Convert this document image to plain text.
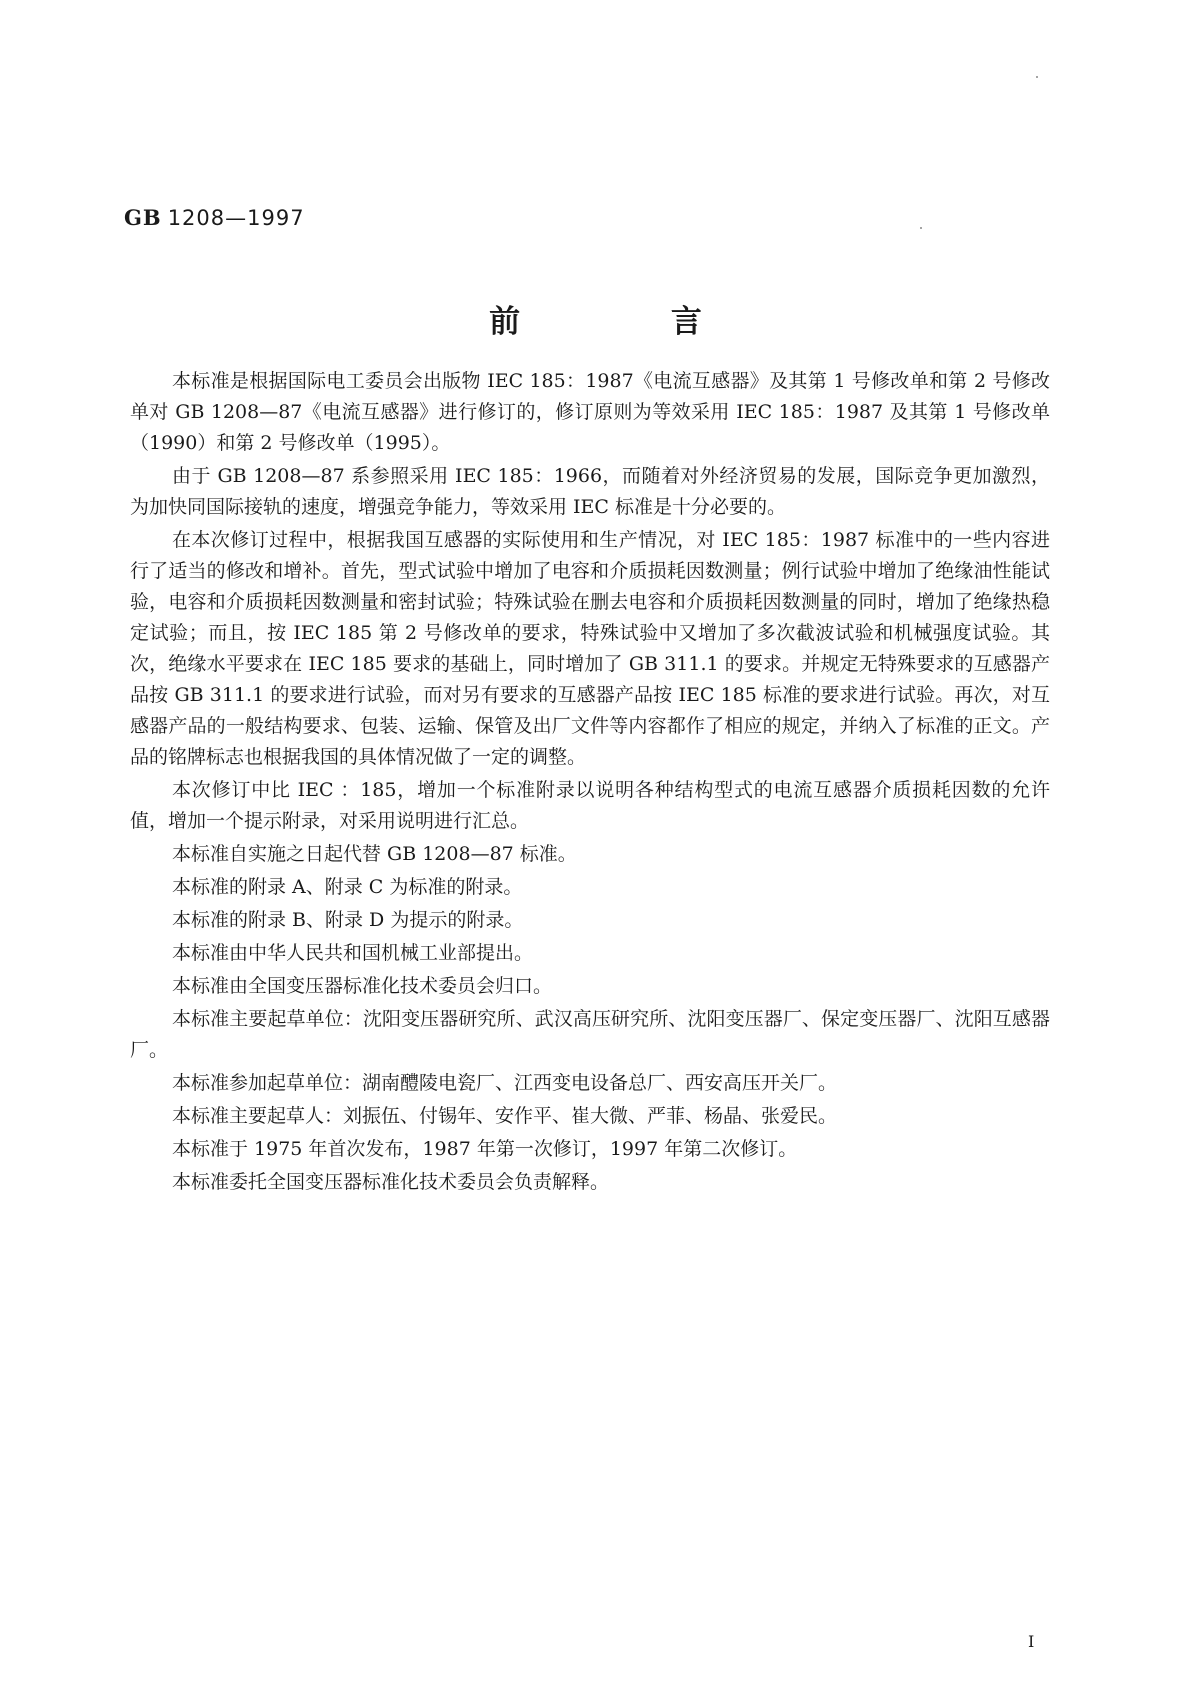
GB 1208—1997
前 言

本标准是根据国际电工委员会出版物 IEC 185：1987《电流互感器》及其第 1 号修改单和第 2 号修改单对 GB 1208—87《电流互感器》进行修订的，修订原则为等效采用 IEC 185：1987 及其第 1 号修改单（1990）和第 2 号修改单（1995）。

由于 GB 1208—87 系参照采用 IEC 185：1966，而随着对外经济贸易的发展，国际竞争更加激烈，为加快同国际接轨的速度，增强竞争能力，等效采用 IEC 标准是十分必要的。

在本次修订过程中，根据我国互感器的实际使用和生产情况，对 IEC 185：1987 标准中的一些内容进行了适当的修改和增补。首先，型式试验中增加了电容和介质损耗因数测量；例行试验中增加了绝缘油性能试验，电容和介质损耗因数测量和密封试验；特殊试验在删去电容和介质损耗因数测量的同时，增加了绝缘热稳定试验；而且，按 IEC 185 第 2 号修改单的要求，特殊试验中又增加了多次截波试验和机械强度试验。其次，绝缘水平要求在 IEC 185 要求的基础上，同时增加了 GB 311.1 的要求。并规定无特殊要求的互感器产品按 GB 311.1 的要求进行试验，而对另有要求的互感器产品按 IEC 185 标准的要求进行试验。再次，对互感器产品的一般结构要求、包装、运输、保管及出厂文件等内容都作了相应的规定，并纳入了标准的正文。产品的铭牌标志也根据我国的具体情况做了一定的调整。

本次修订中比 IEC ：185，增加一个标准附录以说明各种结构型式的电流互感器介质损耗因数的允许值，增加一个提示附录，对采用说明进行汇总。

本标准自实施之日起代替 GB 1208—87 标准。

本标准的附录 A、附录 C 为标准的附录。

本标准的附录 B、附录 D 为提示的附录。

本标准由中华人民共和国机械工业部提出。

本标准由全国变压器标准化技术委员会归口。

本标准主要起草单位：沈阳变压器研究所、武汉高压研究所、沈阳变压器厂、保定变压器厂、沈阳互感器厂。

本标准参加起草单位：湖南醴陵电瓷厂、江西变电设备总厂、西安高压开关厂。

本标准主要起草人：刘振伍、付锡年、安作平、崔大微、严菲、杨晶、张爱民。

本标准于 1975 年首次发布，1987 年第一次修订，1997 年第二次修订。

本标准委托全国变压器标准化技术委员会负责解释。

I
